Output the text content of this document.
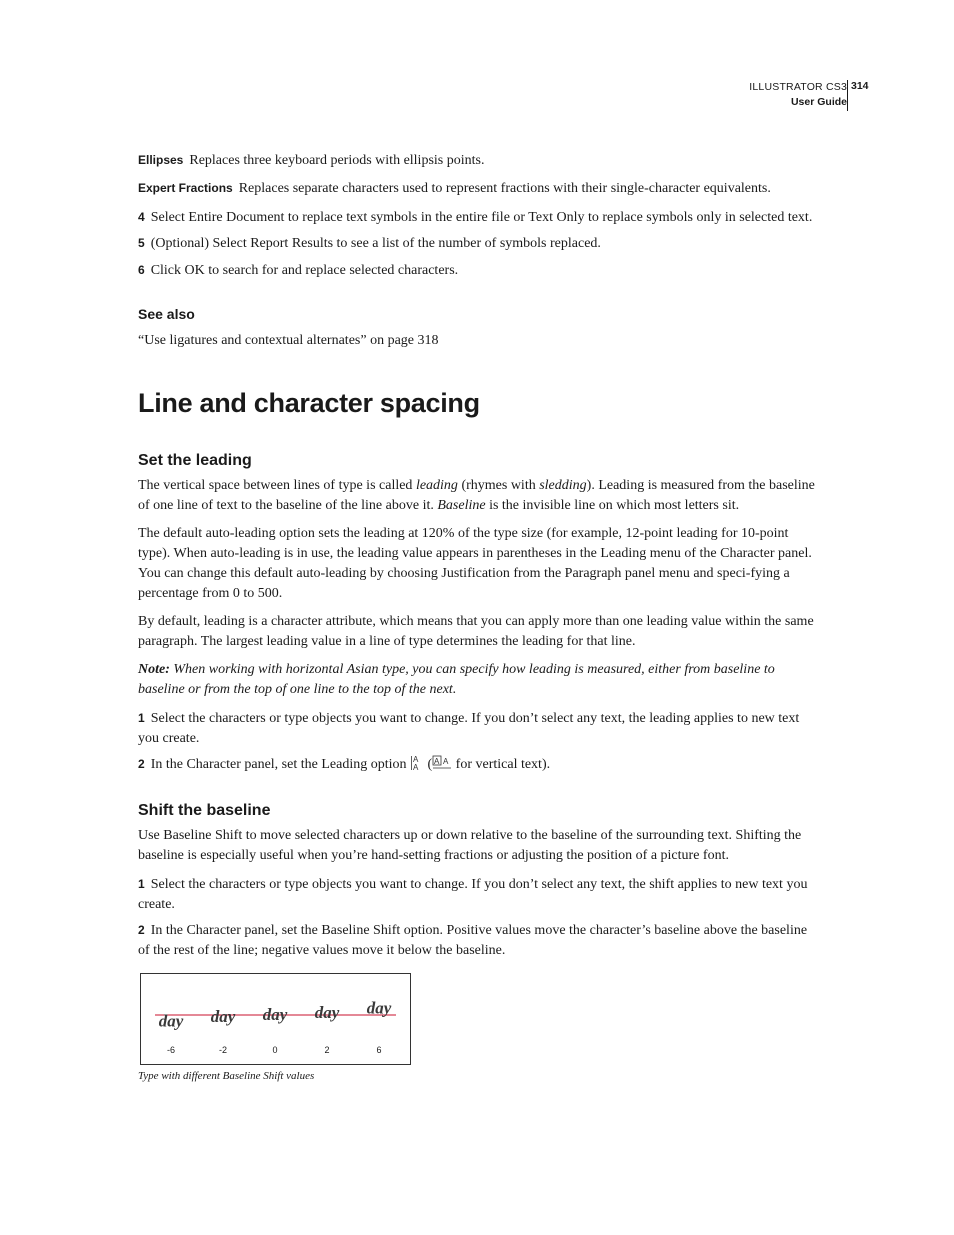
ILLUSTRATOR CS3
User Guide
314
Ellipses Replaces three keyboard periods with ellipsis points.
Expert Fractions Replaces separate characters used to represent fractions with their single-character equivalents.
4 Select Entire Document to replace text symbols in the entire file or Text Only to replace symbols only in selected text.
5 (Optional) Select Report Results to see a list of the number of symbols replaced.
6 Click OK to search for and replace selected characters.
See also
“Use ligatures and contextual alternates” on page 318
Line and character spacing
Set the leading

The vertical space between lines of type is called leading (rhymes with sledding). Leading is measured from the baseline of one line of text to the baseline of the line above it. Baseline is the invisible line on which most letters sit.

The default auto-leading option sets the leading at 120% of the type size (for example, 12-point leading for 10-point type). When auto-leading is in use, the leading value appears in parentheses in the Leading menu of the Character panel. You can change this default auto-leading by choosing Justification from the Paragraph panel menu and speci-fying a percentage from 0 to 500.

By default, leading is a character attribute, which means that you can apply more than one leading value within the same paragraph. The largest leading value in a line of type determines the leading for that line.

Note: When working with horizontal Asian type, you can specify how leading is measured, either from baseline to baseline or from the top of one line to the top of the next.

1 Select the characters or type objects you want to change. If you don’t select any text, the leading applies to new text you create.

2 In the Character panel, set the Leading option A
A ( A A for vertical text).

Shift the baseline

Use Baseline Shift to move selected characters up or down relative to the baseline of the surrounding text. Shifting the baseline is especially useful when you’re hand-setting fractions or adjusting the position of a picture font.

1 Select the characters or type objects you want to change. If you don’t select any text, the shift applies to new text you create.

2 In the Character panel, set the Baseline Shift option. Positive values move the character’s baseline above the baseline of the rest of the line; negative values move it below the baseline.

day
-6
day
-2
day
0
day
2
day
6
Type with different Baseline Shift values
